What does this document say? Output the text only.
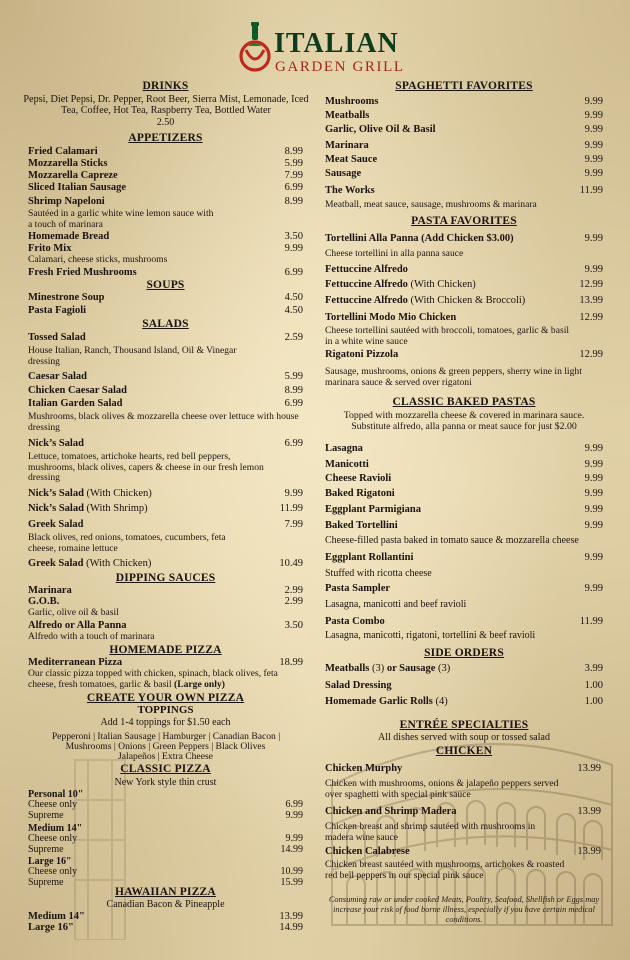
ITALIAN
GARDEN GRILL
DRINKS
Pepsi, Diet Pepsi, Dr. Pepper, Root Beer, Sierra Mist, Lemonade, Iced Tea, Coffee, Hot Tea, Raspberry Tea, Bottled Water
2.50
APPETIZERS
Fried Calamari	8.99
Mozzarella Sticks	5.99
Mozzarella Capreze	7.99
Sliced Italian Sausage	6.99
Shrimp Napeloni	8.99
Sautéed in a garlic white wine lemon sauce with a touch of marinara
Homemade Bread	3.50
Frito Mix	9.99
Calamari, cheese sticks, mushrooms
Fresh Fried Mushrooms	6.99
SOUPS
Minestrone Soup	4.50
Pasta Fagioli	4.50
SALADS
Tossed Salad	2.59
House Italian, Ranch, Thousand Island, Oil & Vinegar dressing
Caesar Salad	5.99
Chicken Caesar Salad	8.99
Italian Garden Salad	6.99
Mushrooms, black olives & mozzarella cheese over lettuce with house dressing
Nick’s Salad	6.99
Lettuce, tomatoes, artichoke hearts, red bell peppers, mushrooms, black olives, capers & cheese in our fresh lemon dressing
Nick’s Salad (With Chicken)	9.99
Nick’s Salad (With Shrimp)	11.99
Greek Salad	7.99
Black olives, red onions, tomatoes, cucumbers, feta cheese, romaine lettuce
Greek Salad (With Chicken)	10.49
DIPPING SAUCES
Marinara	2.99
G.O.B.	2.99
Garlic, olive oil & basil
Alfredo or Alla Panna	3.50
Alfredo with a touch of marinara
HOMEMADE PIZZA
Mediterranean Pizza	18.99
Our classic pizza topped with chicken, spinach, black olives, feta cheese, fresh tomatoes, garlic & basil (Large only)
CREATE YOUR OWN PIZZA
TOPPINGS
Add 1-4 toppings for $1.50 each
Pepperoni | Italian Sausage | Hamburger | Canadian Bacon |
Mushrooms | Onions | Green Peppers | Black Olives
Jalapeños | Extra Cheese
CLASSIC PIZZA
New York style thin crust
Personal 10"
Cheese only	6.99
Supreme	9.99
Medium 14"
Cheese only	9.99
Supreme	14.99
Large 16"
Cheese only	10.99
Supreme	15.99
HAWAIIAN PIZZA
Canadian Bacon & Pineapple
Medium 14"	13.99
Large 16"	14.99
SPAGHETTI FAVORITES
Mushrooms	9.99
Meatballs	9.99
Garlic, Olive Oil & Basil	9.99
Marinara	9.99
Meat Sauce	9.99
Sausage	9.99
The Works	11.99
Meatball, meat sauce, sausage, mushrooms & marinara
PASTA FAVORITES
Tortellini Alla Panna (Add Chicken $3.00)	9.99
Cheese tortellini in alla panna sauce
Fettuccine Alfredo	9.99
Fettuccine Alfredo (With Chicken)	12.99
Fettuccine Alfredo (With Chicken & Broccoli)	13.99
Tortellini Modo Mio Chicken	12.99
Cheese tortellini sautéed with broccoli, tomatoes, garlic & basil in a white wine sauce
Rigatoni Pizzola	12.99
Sausage, mushrooms, onions & green peppers, sherry wine in light marinara sauce & served over rigatoni
CLASSIC BAKED PASTAS
Topped with mozzarella cheese & covered in marinara sauce. Substitute alfredo, alla panna or meat sauce for just $2.00
Lasagna	9.99
Manicotti	9.99
Cheese Ravioli	9.99
Baked Rigatoni	9.99
Eggplant Parmigiana	9.99
Baked Tortellini	9.99
Cheese-filled pasta baked in tomato sauce & mozzarella cheese
Eggplant Rollantini	9.99
Stuffed with ricotta cheese
Pasta Sampler	9.99
Lasagna, manicotti and beef ravioli
Pasta Combo	11.99
Lasagna, manicotti, rigatoni, tortellini & beef ravioli
SIDE ORDERS
Meatballs (3) or Sausage (3)	3.99
Salad Dressing	1.00
Homemade Garlic Rolls (4)	1.00
ENTRÉE SPECIALTIES
All dishes served with soup or tossed salad
CHICKEN
Chicken Murphy	13.99
Chicken with mushrooms, onions & jalapeño peppers served over spaghetti with special pink sauce
Chicken and Shrimp Madera	13.99
Chicken breast and shrimp sautéed with mushrooms in madera wine sauce
Chicken Calabrese	13.99
Chicken breast sautéed with mushrooms, artichokes & roasted red bell peppers in our special pink sauce
Consuming raw or under cooked Meats, Poultry, Seafood, Shellfish or Eggs may increase your risk of food borne illness, especially if you have certain medical conditions.
